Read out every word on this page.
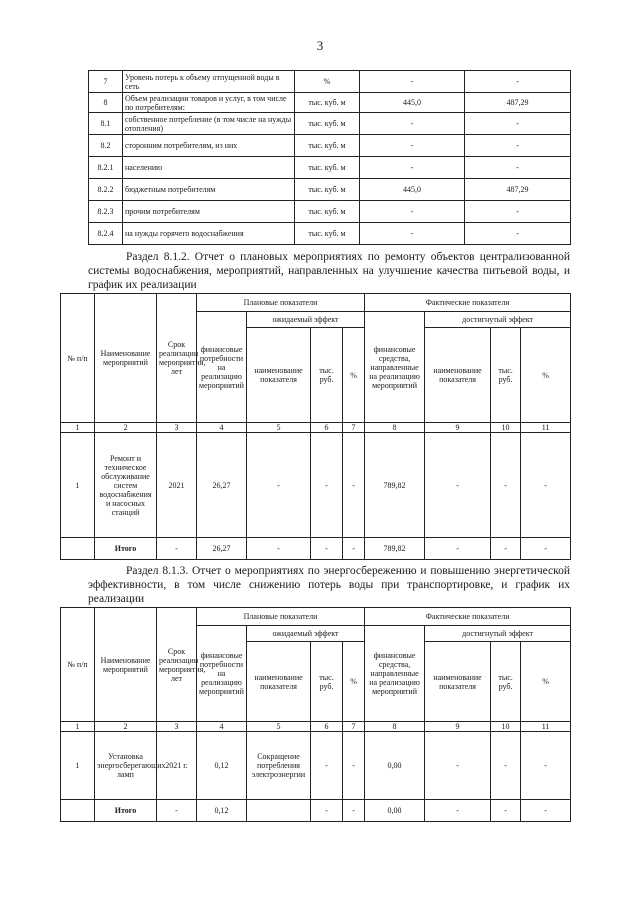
3
7	Уровень потерь к объему отпущенной воды в сеть	%	-	-
8	Объем реализации товаров и услуг, в том числе по потребителям:	тыс. куб. м	445,0	487,29
8.1	собственное потребление (в том числе на нужды отопления)	тыс. куб. м	-	-
8.2	сторонним потребителям, из них	тыс. куб. м	-	-
8.2.1	населению	тыс. куб. м	-	-
8.2.2	бюджетным потребителям	тыс. куб. м	445,0	487,29
8.2.3	прочим потребителям	тыс. куб. м	-	-
8.2.4	на нужды горячего водоснабжения	тыс. куб. м	-	-
Раздел 8.1.2. Отчет о плановых мероприятиях по ремонту объектов централизованной системы водоснабжения, мероприятий, направленных на улучшение качества питьевой воды, и график их реализации
№ п/п	Наименование мероприятий	Срок реализации мероприятия, лет	Плановые показатели				Фактические показатели			
			финансовые потребности на реализацию мероприятий	ожидаемый эффект			финансовые средства, направленные на реализацию мероприятий	достигнутый эффект		
				наименование показателя	тыс. руб.	%		наименование показателя	тыс. руб.	%
1	2	3	4	5	6	7	8	9	10	11
1	Ремонт и техническое обслуживание систем водоснабжения и насосных станций	2021	26,27	-	-	-	789,82	-	-	-
	Итого	-	26,27	-	-	-	789,82	-	-	-
Раздел 8.1.3. Отчет о мероприятиях по энергосбережению и повышению энергетической эффективности, в том числе снижению потерь воды при транспортировке, и график их реализации
№ п/п	Наименование мероприятий	Срок реализации мероприятия, лет	Плановые показатели				Фактические показатели			
			финансовые потребности на реализацию мероприятий	ожидаемый эффект			финансовые средства, направленные на реализацию мероприятий	достигнутый эффект		
				наименование показателя	тыс. руб.	%		наименование показателя	тыс. руб.	%
1	2	3	4	5	6	7	8	9	10	11
1	Установка энергосберегающих ламп	2021 г.	0,12	Сокращение потребления электроэнергии	-	-	0,00	-	-	-
	Итого	-	0,12		-	-	0,00	-	-	-
